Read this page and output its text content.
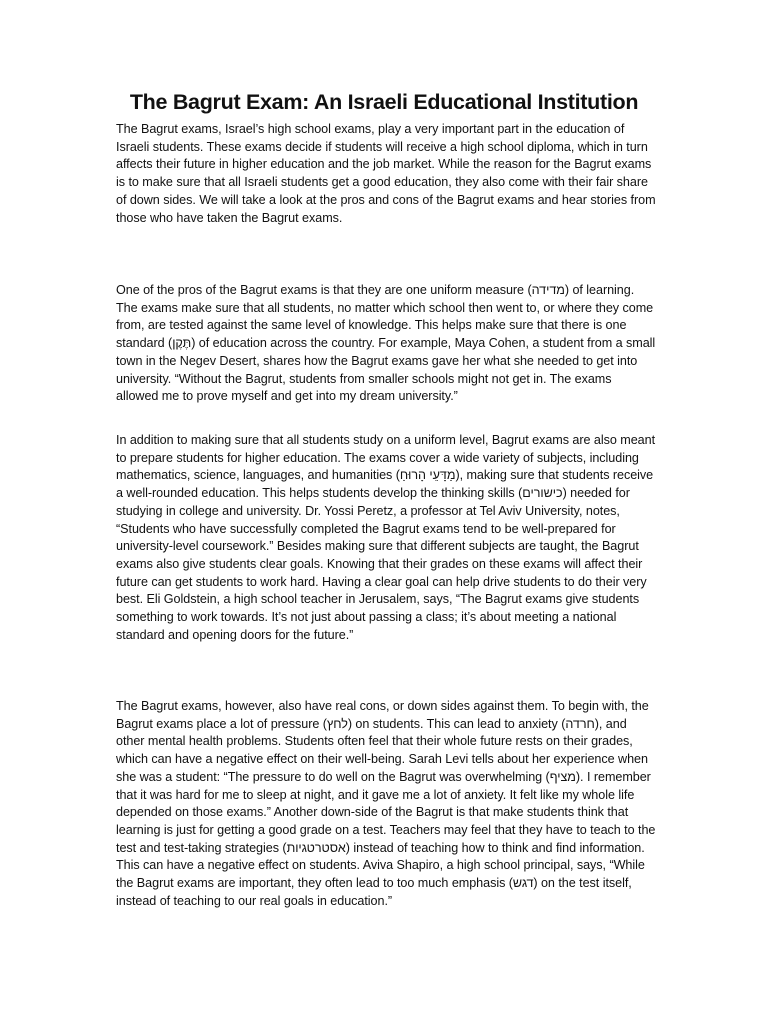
The Bagrut Exam: An Israeli Educational Institution

The Bagrut exams, Israel’s high school exams, play a very important part in the education of Israeli students. These exams decide if students will receive a high school diploma, which in turn affects their future in higher education and the job market. While the reason for the Bagrut exams is to make sure that all Israeli students get a good education, they also come with their fair share of down sides. We will take a look at the pros and cons of the Bagrut exams and hear stories from those who have taken the Bagrut exams.

One of the pros of the Bagrut exams is that they are one uniform measure (מדידה) of learning. The exams make sure that all students, no matter which school then went to, or where they come from, are tested against the same level of knowledge. This helps make sure that there is one standard (תֶּקֶן) of education across the country. For example, Maya Cohen, a student from a small town in the Negev Desert, shares how the Bagrut exams gave her what she needed to get into university. “Without the Bagrut, students from smaller schools might not get in. The exams allowed me to prove myself and get into my dream university.”

In addition to making sure that all students study on a uniform level, Bagrut exams are also meant to prepare students for higher education. The exams cover a wide variety of subjects, including mathematics, science, languages, and humanities (מַדָּעֵי הָרוּחַ), making sure that students receive a well-rounded education. This helps students develop the thinking skills (כישורים) needed for studying in college and university. Dr. Yossi Peretz, a professor at Tel Aviv University, notes, “Students who have successfully completed the Bagrut exams tend to be well-prepared for university-level coursework.” Besides making sure that different subjects are taught, the Bagrut exams also give students clear goals. Knowing that their grades on these exams will affect their future can get students to work hard. Having a clear goal can help drive students to do their very best. Eli Goldstein, a high school teacher in Jerusalem, says, “The Bagrut exams give students something to work towards. It’s not just about passing a class; it’s about meeting a national standard and opening doors for the future.”

The Bagrut exams, however, also have real cons, or down sides against them. To begin with, the Bagrut exams place a lot of pressure (לחץ) on students. This can lead to anxiety (חרדה), and other mental health problems. Students often feel that their whole future rests on their grades, which can have a negative effect on their well-being. Sarah Levi tells about her experience when she was a student: “The pressure to do well on the Bagrut was overwhelming (מציף). I remember that it was hard for me to sleep at night, and it gave me a lot of anxiety. It felt like my whole life depended on those exams.” Another down-side of the Bagrut is that make students think that learning is just for getting a good grade on a test. Teachers may feel that they have to teach to the test and test-taking strategies (אסטרטגיות) instead of teaching how to think and find information. This can have a negative effect on students. Aviva Shapiro, a high school principal, says, “While the Bagrut exams are important, they often lead to too much emphasis (דגש) on the test itself, instead of teaching to our real goals in education.”
